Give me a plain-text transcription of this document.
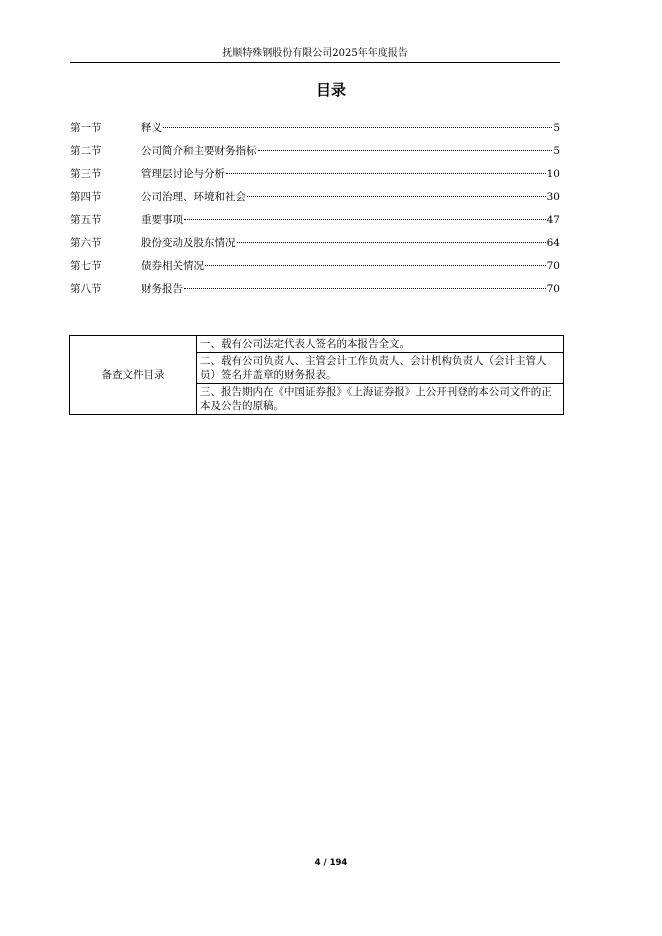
抚顺特殊钢股份有限公司2025年年度报告
目录
第一节	释义	5
第二节	公司简介和主要财务指标	5
第三节	管理层讨论与分析	10
第四节	公司治理、环境和社会	30
第五节	重要事项	47
第六节	股份变动及股东情况	64
第七节	债券相关情况	70
第八节	财务报告	70
备查文件目录	一、载有公司法定代表人签名的本报告全文。
二、载有公司负责人、主管会计工作负责人、会计机构负责人（会计主管人员）签名并盖章的财务报表。
三、报告期内在《中国证券报》《上海证券报》上公开刊登的本公司文件的正本及公告的原稿。
4 / 194
